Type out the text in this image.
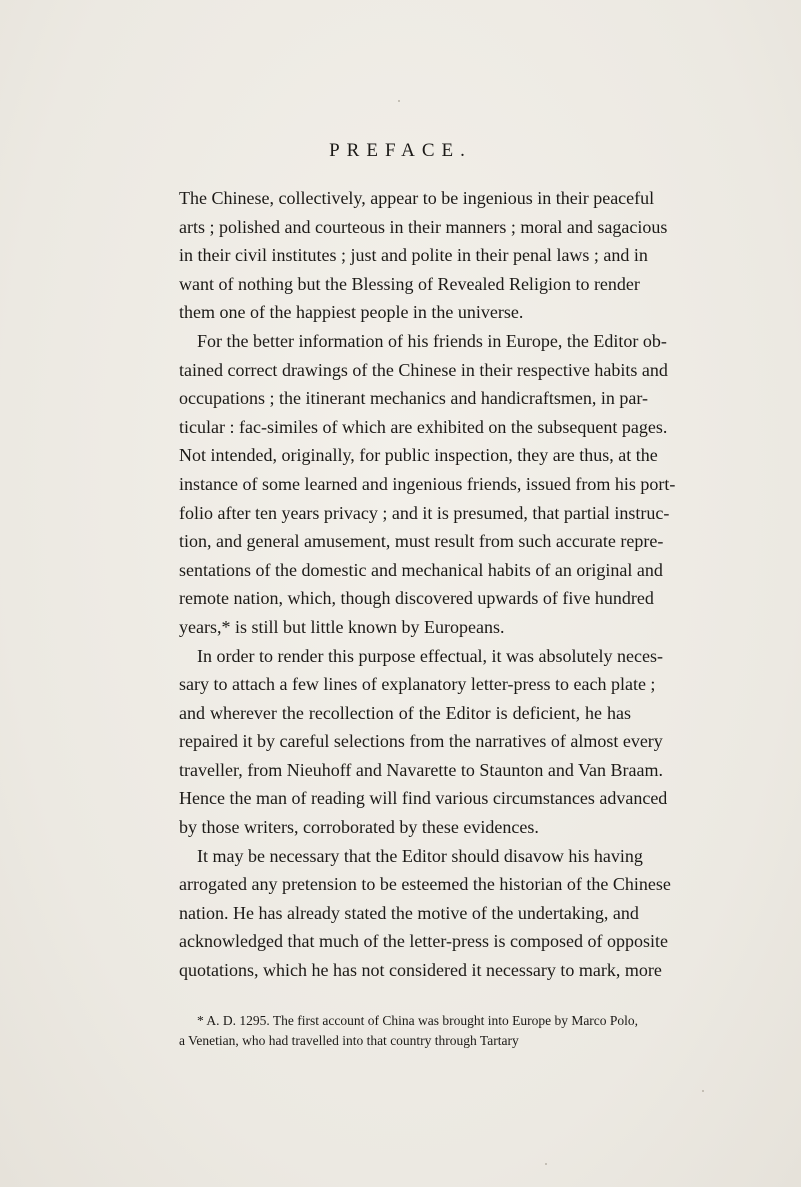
PREFACE.
The Chinese, collectively, appear to be ingenious in their peaceful
arts ; polished and courteous in their manners ; moral and sagacious
in their civil institutes ; just and polite in their penal laws ; and in
want of nothing but the Blessing of Revealed Religion to render
them one of the happiest people in the universe.
For the better information of his friends in Europe, the Editor ob-
tained correct drawings of the Chinese in their respective habits and
occupations ; the itinerant mechanics and handicraftsmen, in par-
ticular : fac-similes of which are exhibited on the subsequent pages.
Not intended, originally, for public inspection, they are thus, at the
instance of some learned and ingenious friends, issued from his port-
folio after ten years privacy ; and it is presumed, that partial instruc-
tion, and general amusement, must result from such accurate repre-
sentations of the domestic and mechanical habits of an original and
remote nation, which, though discovered upwards of five hundred
years,* is still but little known by Europeans.
In order to render this purpose effectual, it was absolutely neces-
sary to attach a few lines of explanatory letter-press to each plate ;
and wherever the recollection of the Editor is deficient, he has
repaired it by careful selections from the narratives of almost every
traveller, from Nieuhoff and Navarette to Staunton and Van Braam.
Hence the man of reading will find various circumstances advanced
by those writers, corroborated by these evidences.
It may be necessary that the Editor should disavow his having
arrogated any pretension to be esteemed the historian of the Chinese
nation. He has already stated the motive of the undertaking, and
acknowledged that much of the letter-press is composed of opposite
quotations, which he has not considered it necessary to mark, more
* A. D. 1295. The first account of China was brought into Europe by Marco Polo,
a Venetian, who had travelled into that country through Tartary
